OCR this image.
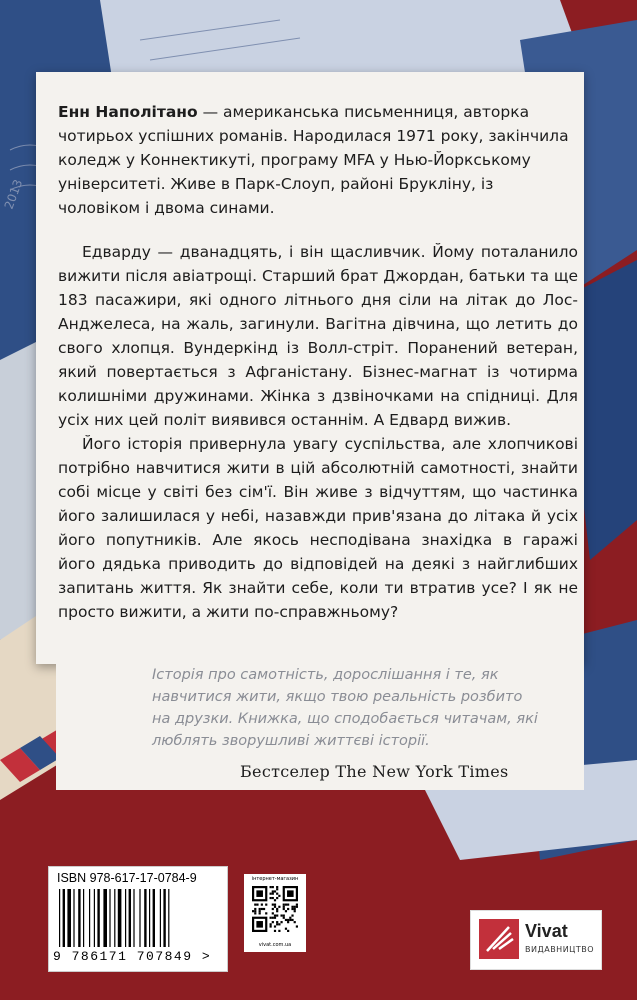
2013
Енн Наполітано — американська письменниця, авторка чотирьох успішних романів. Народилася 1971 року, закінчила коледж у Коннектикуті, програму MFA у Нью-Йоркському університеті. Живе в Парк-Слоуп, районі Брукліну, із чоловіком і двома синами.
Едварду — дванадцять, і він щасливчик. Йому поталанило вижити після авіатрощі. Старший брат Джордан, батьки та ще 183 пасажири, які одного літнього дня сіли на літак до Лос-Анджелеса, на жаль, загинули. Вагітна дівчина, що летить до свого хлопця. Вундеркінд із Волл-стріт. Поранений ветеран, який повертається з Афганістану. Бізнес-магнат із чотирма колишніми дружинами. Жінка з дзвіночками на спідниці. Для усіх них цей політ виявився останнім. А Едвард вижив.
Його історія привернула увагу суспільства, але хлопчикові потрібно навчитися жити в цій абсолютній самотності, знайти собі місце у світі без сім'ї. Він живе з відчуттям, що частинка його залишилася у небі, назавжди прив'язана до літака й усіх його попутників. Але якось несподівана знахідка в гаражі його дядька приводить до відповідей на деякі з найглибших запитань життя. Як знайти себе, коли ти втратив усе? І як не просто вижити, а жити по-справжньому?
Історія про самотність, дорослішання і те, як навчитися жити, якщо твою реальність розбито на друзки. Книжка, що сподобається читачам, які люблять зворушливі життєві історії.
Бестселер The New York Times
ISBN 978-617-17-0784-9
9 786171 707849 >
інтернет-магазин
vivat.com.ua
Vivat
ВИДАВНИЦТВО
